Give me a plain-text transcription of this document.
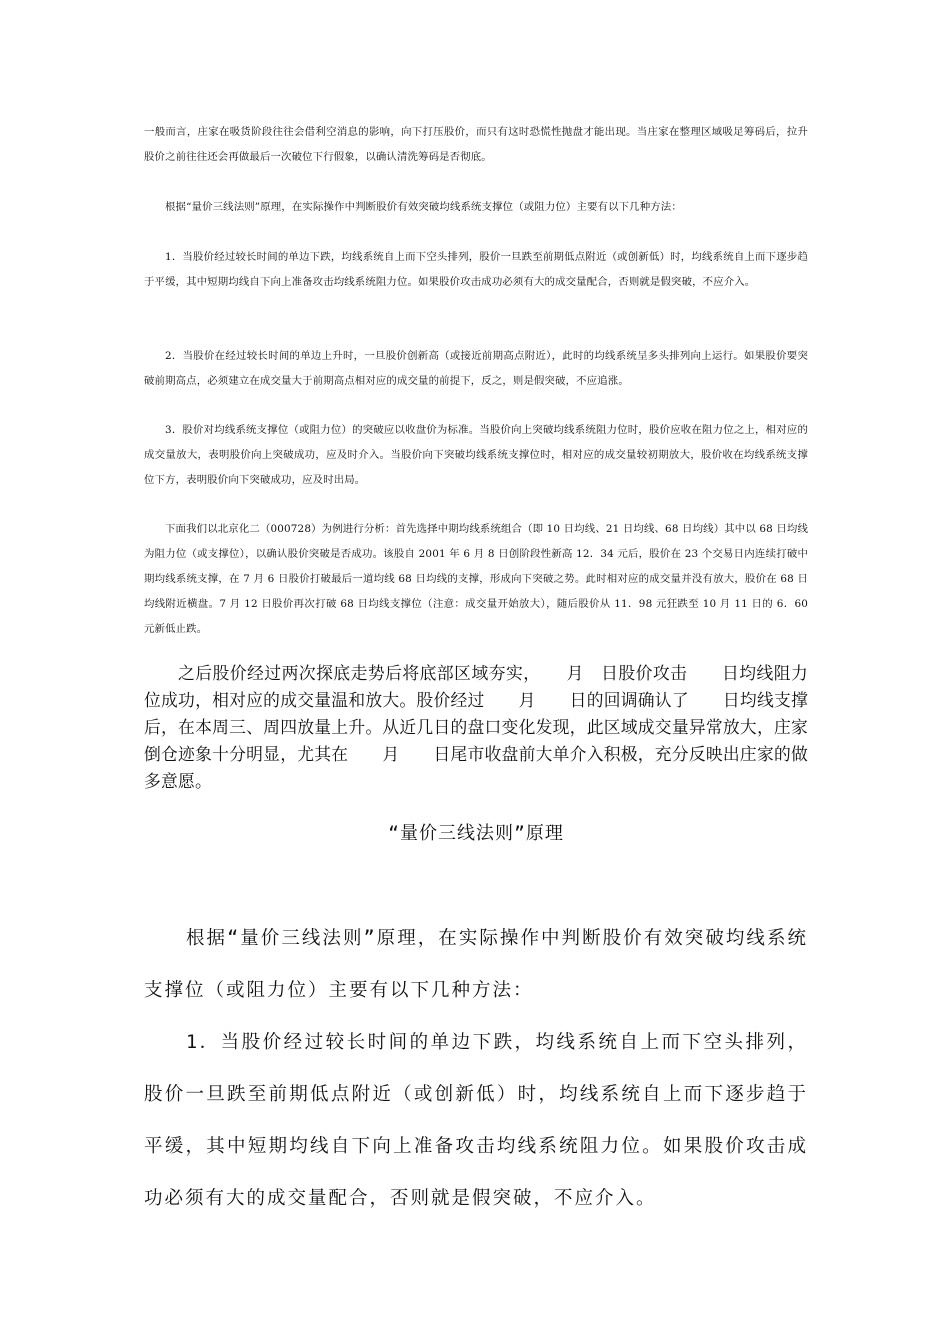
一般而言，庄家在吸货阶段往往会借利空消息的影响，向下打压股价，而只有这时恐慌性抛盘才能出现。当庄家在整理区域吸足筹码后，拉升股价之前往往还会再做最后一次破位下行假象，以确认清洗筹码是否彻底。

根据“量价三线法则”原理，在实际操作中判断股价有效突破均线系统支撑位（或阻力位）主要有以下几种方法：

1．当股价经过较长时间的单边下跌，均线系统自上而下空头排列，股价一旦跌至前期低点附近（或创新低）时，均线系统自上而下逐步趋于平缓，其中短期均线自下向上准备攻击均线系统阻力位。如果股价攻击成功必须有大的成交量配合，否则就是假突破，不应介入。

2．当股价在经过较长时间的单边上升时，一旦股价创新高（或接近前期高点附近），此时的均线系统呈多头排列向上运行。如果股价要突破前期高点，必须建立在成交量大于前期高点相对应的成交量的前提下，反之，则是假突破，不应追涨。

3．股价对均线系统支撑位（或阻力位）的突破应以收盘价为标准。当股价向上突破均线系统阻力位时，股价应收在阻力位之上，相对应的成交量放大，表明股价向上突破成功，应及时介入。当股价向下突破均线系统支撑位时，相对应的成交量较初期放大，股价收在均线系统支撑位下方，表明股价向下突破成功，应及时出局。

下面我们以北京化二（000728）为例进行分析：首先选择中期均线系统组合（即 10 日均线、21 日均线、68 日均线）其中以 68 日均线为阻力位（或支撑位），以确认股价突破是否成功。该股自 2001 年 6 月 8 日创阶段性新高 12．34 元后，股价在 23 个交易日内连续打破中期均线系统支撑，在 7 月 6 日股价打破最后一道均线 68 日均线的支撑，形成向下突破之势。此时相对应的成交量并没有放大，股价在 68 日均线附近横盘。7 月 12 日股价再次打破 68 日均线支撑位（注意：成交量开始放大），随后股价从 11．98 元狂跌至 10 月 11 日的 6．60 元新低止跌。

之后股价经过两次探底走势后将底部区域夯实，　　月　日股价攻击　　日均线阻力位成功，相对应的成交量温和放大。股价经过　　月　　日的回调确认了　　日均线支撑后，在本周三、周四放量上升。从近几日的盘口变化发现，此区域成交量异常放大，庄家倒仓迹象十分明显，尤其在　　月　　日尾市收盘前大单介入积极，充分反映出庄家的做多意愿。

“量价三线法则”原理

根据“量价三线法则”原理，在实际操作中判断股价有效突破均线系统支撑位（或阻力位）主要有以下几种方法：

1．当股价经过较长时间的单边下跌，均线系统自上而下空头排列，股价一旦跌至前期低点附近（或创新低）时，均线系统自上而下逐步趋于平缓，其中短期均线自下向上准备攻击均线系统阻力位。如果股价攻击成功必须有大的成交量配合，否则就是假突破，不应介入。
